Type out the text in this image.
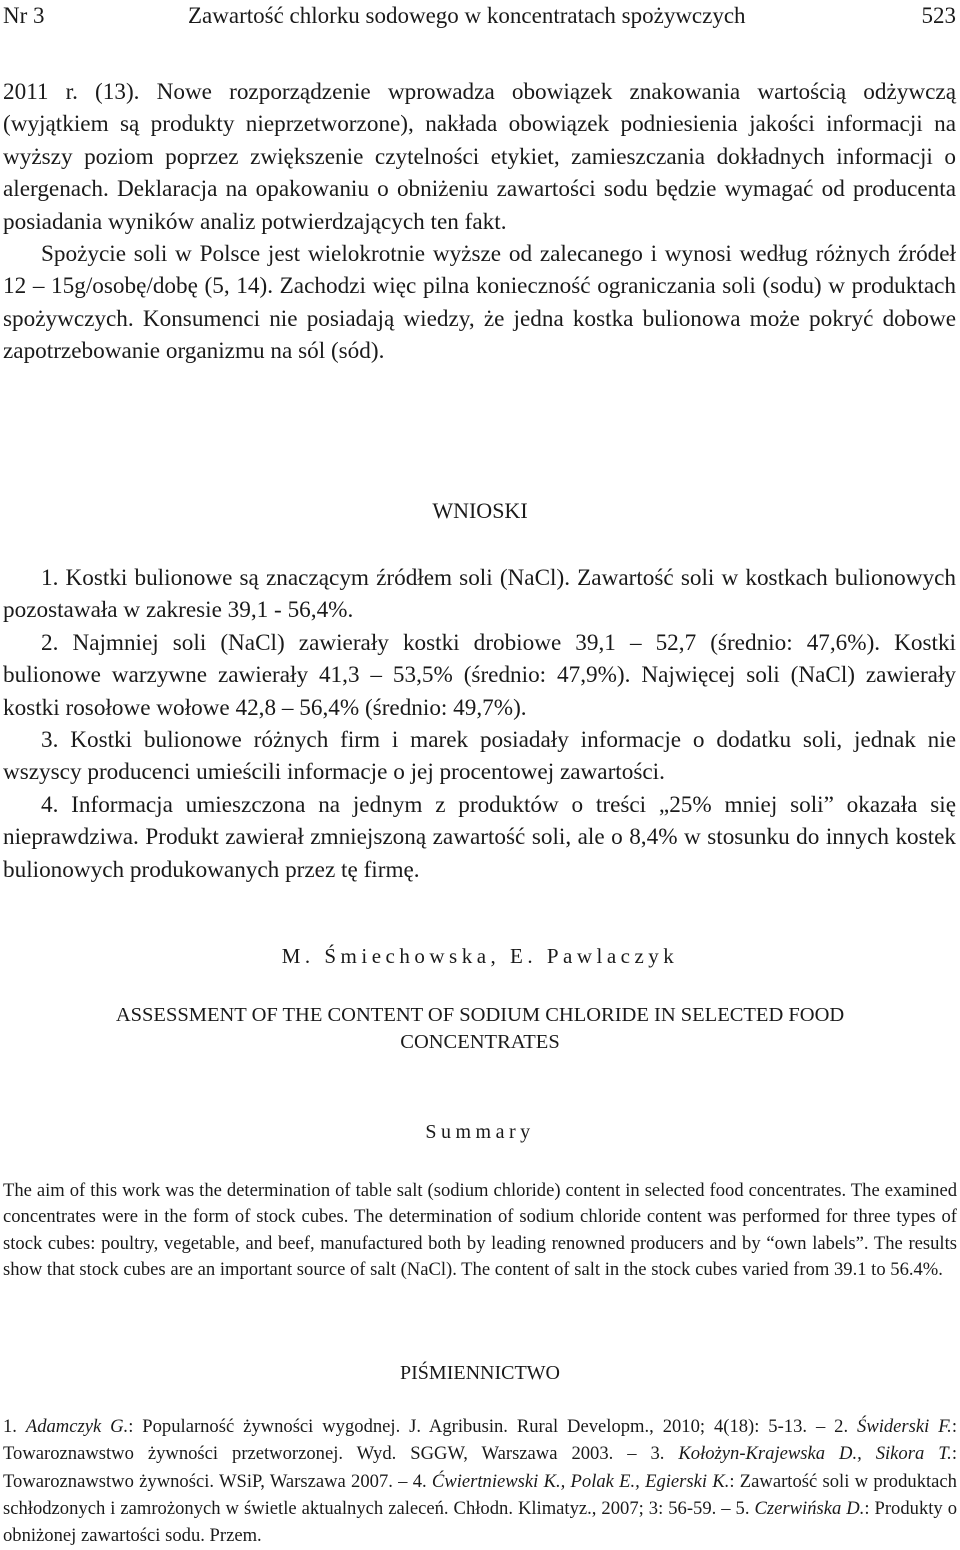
Nr 3	Zawartość chlorku sodowego w koncentratach spożywczych	523

2011 r. (13). Nowe rozporządzenie wprowadza obowiązek znakowania wartością odżywczą (wyjątkiem są produkty nieprzetworzone), nakłada obowiązek podniesienia jakości informacji na wyższy poziom poprzez zwiększenie czytelności etykiet, zamieszczania dokładnych informacji o alergenach. Deklaracja na opakowaniu o obniżeniu zawartości sodu będzie wymagać od producenta posiadania wyników analiz potwierdzających ten fakt.

Spożycie soli w Polsce jest wielokrotnie wyższe od zalecanego i wynosi według różnych źródeł 12 – 15g/osobę/dobę (5, 14). Zachodzi więc pilna konieczność ograniczania soli (sodu) w produktach spożywczych. Konsumenci nie posiadają wiedzy, że jedna kostka bulionowa może pokryć dobowe zapotrzebowanie organizmu na sól (sód).

WNIOSKI

1. Kostki bulionowe są znaczącym źródłem soli (NaCl). Zawartość soli w kostkach bulionowych pozostawała w zakresie 39,1 - 56,4%.

2. Najmniej soli (NaCl) zawierały kostki drobiowe 39,1 – 52,7 (średnio: 47,6%). Kostki bulionowe warzywne zawierały 41,3 – 53,5% (średnio: 47,9%). Najwięcej soli (NaCl) zawierały kostki rosołowe wołowe 42,8 – 56,4% (średnio: 49,7%).

3. Kostki bulionowe różnych firm i marek posiadały informacje o dodatku soli, jednak nie wszyscy producenci umieścili informacje o jej procentowej zawartości.

4. Informacja umieszczona na jednym z produktów o treści „25% mniej soli” okazała się nieprawdziwa. Produkt zawierał zmniejszoną zawartość soli, ale o 8,4% w stosunku do innych kostek bulionowych produkowanych przez tę firmę.

M. Śmiechowska, E. Pawlaczyk
ASSESSMENT OF THE CONTENT OF SODIUM CHLORIDE IN SELECTED FOOD
CONCENTRATES
Summary
The aim of this work was the determination of table salt (sodium chloride) content in selected food concentrates. The examined concentrates were in the form of stock cubes. The determination of sodium chloride content was performed for three types of stock cubes: poultry, vegetable, and beef, manufactured both by leading renowned producers and by “own labels”. The results show that stock cubes are an important source of salt (NaCl). The content of salt in the stock cubes varied from 39.1 to 56.4%.
PIŚMIENNICTWO
1. Adamczyk G.: Popularność żywności wygodnej. J. Agribusin. Rural Developm., 2010; 4(18): 5-13. – 2. Świderski F.: Towaroznawstwo żywności przetworzonej. Wyd. SGGW, Warszawa 2003. – 3. Kołożyn-Krajewska D., Sikora T.: Towaroznawstwo żywności. WSiP, Warszawa 2007. – 4. Ćwiertniewski K., Polak E., Egierski K.: Zawartość soli w produktach schłodzonych i zamrożonych w świetle aktualnych zaleceń. Chłodn. Klimatyz., 2007; 3: 56-59. – 5. Czerwińska D.: Produkty o obniżonej zawartości sodu. Przem.
